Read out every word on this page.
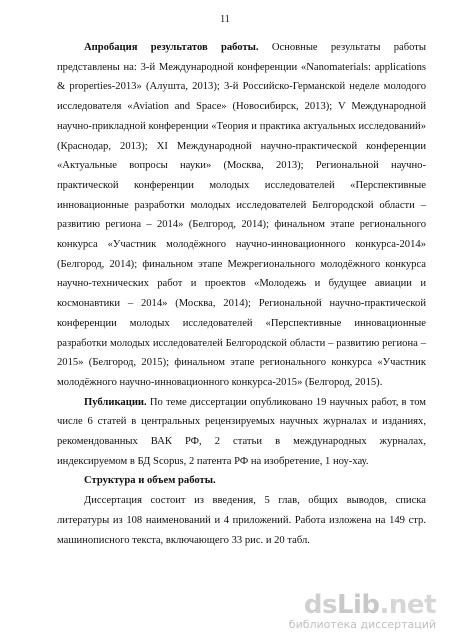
11

Апробация результатов работы. Основные результаты работы представлены на: 3-й Международной конференции «Nanomaterials: applications & properties-2013» (Алушта, 2013); 3-й Российско-Германской неделе молодого исследователя «Aviation and Space» (Новосибирск, 2013); V Международной научно-прикладной конференции «Теория и практика актуальных исследований» (Краснодар, 2013); XI Международной научно-практической конференции «Актуальные вопросы науки» (Москва, 2013); Региональной научно-практической конференции молодых исследователей «Перспективные инновационные разработки молодых исследователей Белгородской области – развитию региона – 2014» (Белгород, 2014); финальном этапе регионального конкурса «Участник молодёжного научно-инновационного конкурса-2014» (Белгород, 2014); финальном этапе Межрегионального молодёжного конкурса научно-технических работ и проектов «Молодежь и будущее авиации и космонавтики – 2014» (Москва, 2014); Региональной научно-практической конференции молодых исследователей «Перспективные инновационные разработки молодых исследователей Белгородской области – развитию региона – 2015» (Белгород, 2015); финальном этапе регионального конкурса «Участник молодёжного научно-инновационного конкурса-2015» (Белгород, 2015).

Публикации. По теме диссертации опубликовано 19 научных работ, в том числе 6 статей в центральных рецензируемых научных журналах и изданиях, рекомендованных ВАК РФ, 2 статьи в международных журналах, индексируемом в БД Scopus, 2 патента РФ на изобретение, 1 ноу-хау.

Структура и объем работы.

Диссертация состоит из введения, 5 глав, общих выводов, списка литературы из 108 наименований и 4 приложений. Работа изложена на 149 стр. машинописного текста, включающего 33 рис. и 20 табл.

dsLib.net
библиотека диссертаций
